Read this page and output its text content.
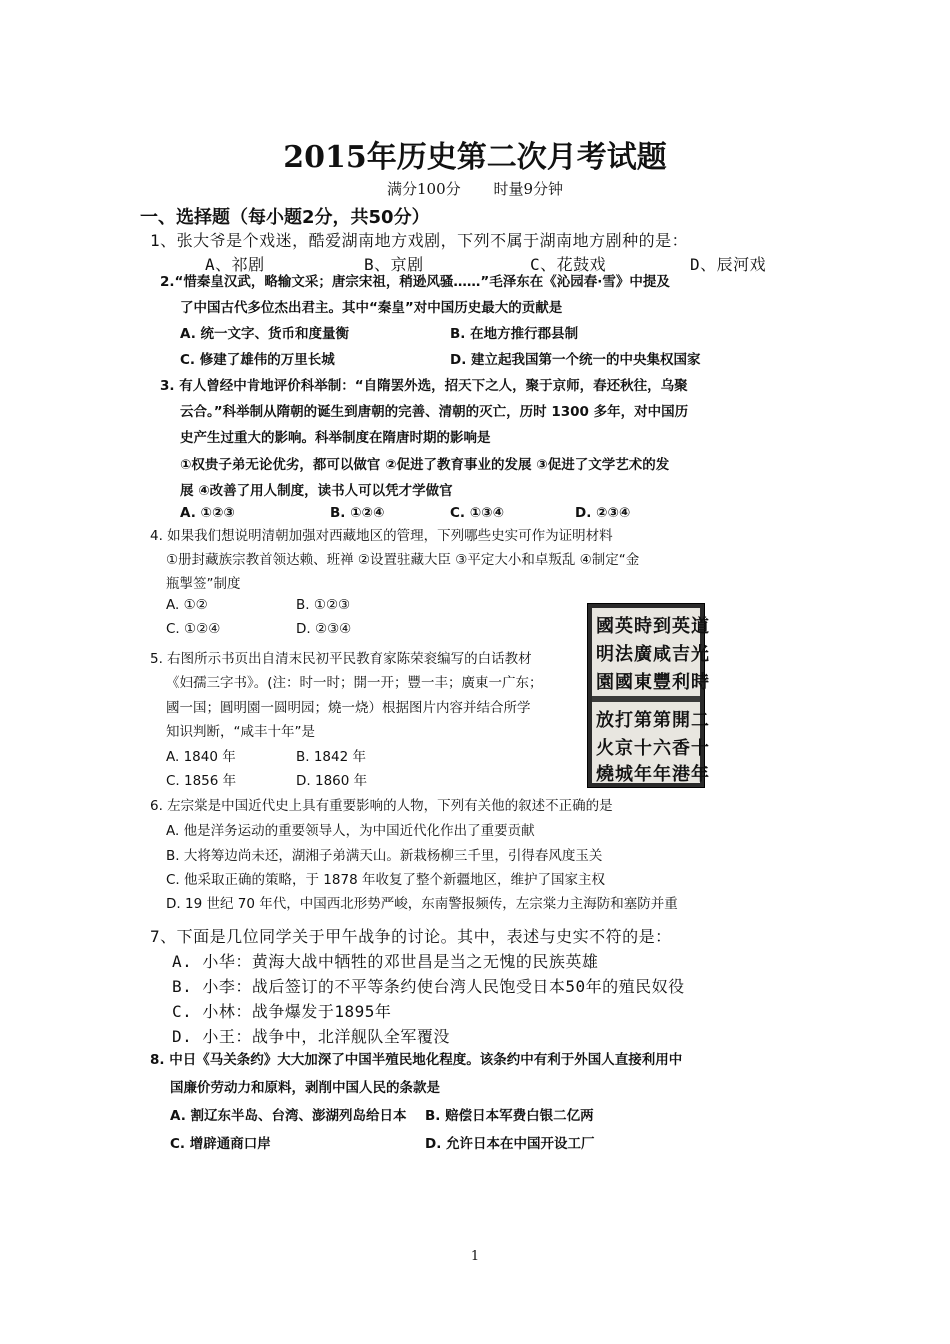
2015年历史第二次月考试题
满分100分 时量9分钟
一、选择题（每小题2分，共50分）
1、张大爷是个戏迷，酷爱湖南地方戏剧，下列不属于湖南地方剧种的是：
A、祁剧	B、京剧	C、花鼓戏	D、辰河戏
2.“惜秦皇汉武，略输文采；唐宗宋祖，稍逊风骚……”毛泽东在《沁园春·雪》中提及
了中国古代多位杰出君主。其中“秦皇”对中国历史最大的贡献是
A. 统一文字、货币和度量衡	B. 在地方推行郡县制
C. 修建了雄伟的万里长城	D. 建立起我国第一个统一的中央集权国家
3. 有人曾经中肯地评价科举制：“自隋罢外选，招天下之人，聚于京师，春还秋往，乌聚
云合。”科举制从隋朝的诞生到唐朝的完善、清朝的灭亡，历时 1300 多年，对中国历
史产生过重大的影响。科举制度在隋唐时期的影响是
①权贵子弟无论优劣，都可以做官 ②促进了教育事业的发展 ③促进了文学艺术的发
展 ④改善了用人制度，读书人可以凭才学做官
A. ①②③	B. ①②④	C. ①③④	D. ②③④
4. 如果我们想说明清朝加强对西藏地区的管理，下列哪些史实可作为证明材料
①册封藏族宗教首领达赖、班禅 ②设置驻藏大臣 ③平定大小和卓叛乱 ④制定“金
瓶掣签”制度
A. ①②	B. ①②③
C. ①②④	D. ②③④
5. 右图所示书页出自清末民初平民教育家陈荣衮编写的白话教材
《妇孺三字书》。(注：时一时；開一开；豐一丰；廣東一广东；
國一国；圓明園一圆明园；燒一烧）根据图片内容并结合所学
知识判断，“咸丰十年”是
A. 1840 年	B. 1842 年
C. 1856 年	D. 1860 年
國英時到英道
明法廣咸吉光
園國東豐利時
放打第第開二
火京十六香十
燒城年年港年
6. 左宗棠是中国近代史上具有重要影响的人物，下列有关他的叙述不正确的是
A. 他是洋务运动的重要领导人，为中国近代化作出了重要贡献
B. 大将筹边尚未还，湖湘子弟满天山。新栽杨柳三千里，引得春风度玉关
C. 他采取正确的策略，于 1878 年收复了整个新疆地区，维护了国家主权
D. 19 世纪 70 年代，中国西北形势严峻，东南警报频传，左宗棠力主海防和塞防并重
7、下面是几位同学关于甲午战争的讨论。其中，表述与史实不符的是：
A. 小华：黄海大战中牺牲的邓世昌是当之无愧的民族英雄
B. 小李：战后签订的不平等条约使台湾人民饱受日本50年的殖民奴役
C. 小林：战争爆发于1895年
D. 小王：战争中，北洋舰队全军覆没
8. 中日《马关条约》大大加深了中国半殖民地化程度。该条约中有利于外国人直接利用中
国廉价劳动力和原料，剥削中国人民的条款是
A. 割辽东半岛、台湾、澎湖列岛给日本 B. 赔偿日本军费白银二亿两
C. 增辟通商口岸	D. 允许日本在中国开设工厂
1
